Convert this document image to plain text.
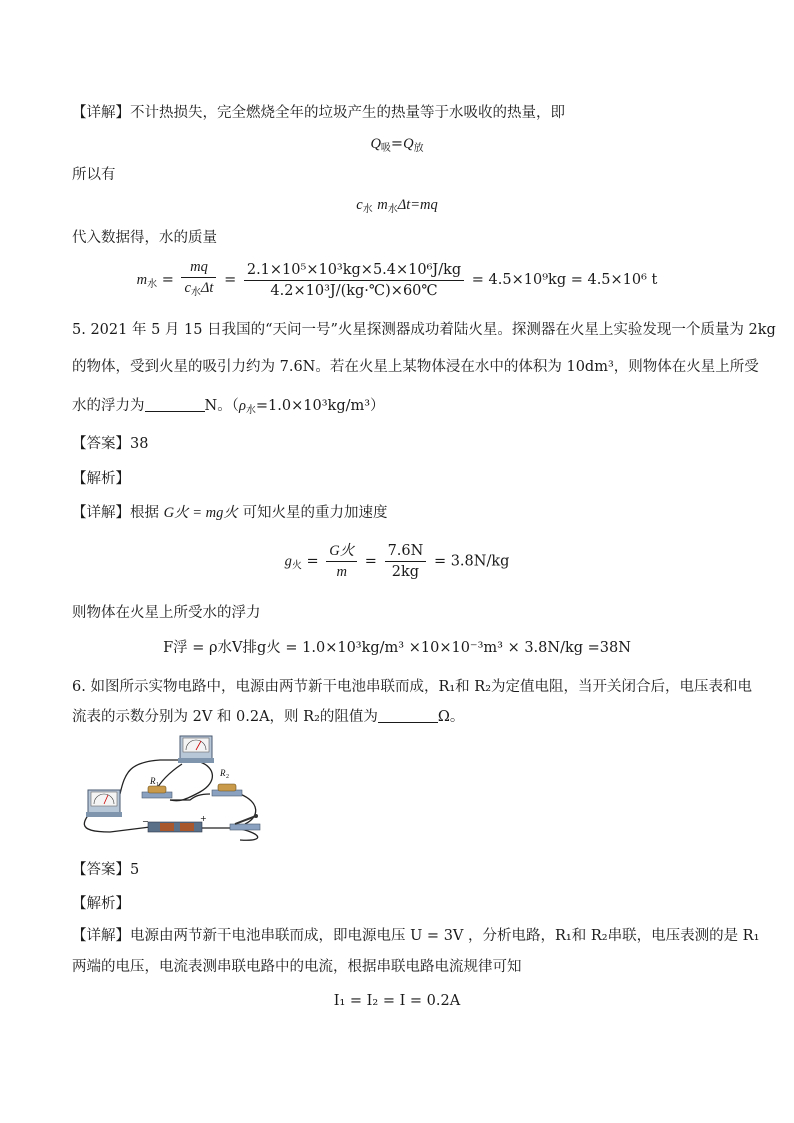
【详解】不计热损失，完全燃烧全年的垃圾产生的热量等于水吸收的热量，即
$Q_吸=Q_放$
所以有
$c_水$ $m_水\Delta t=mq$
代入数据得，水的质量
$m_水 = \frac{mq}{c_水\Delta t} = \frac{\text{2.1×10⁵×10³kg×5.4×10⁶J/kg}}{\text{4.2×10³J/(kg·℃)×60℃}} = 4.5\times 10^9kg = 4.5\times 10^6$ t
5. 2021 年 5 月 15 日我国的“天问一号”火星探测器成功着陆火星。探测器在火星上实验发现一个质量为 2kg
的物体，受到火星的吸引力约为 7.6N。若在火星上某物体浸在水中的体积为 10dm³，则物体在火星上所受
水的浮力为	N。$(\rho_水=1.0\times 10^3kg/m^3)$
【答案】38
【解析】
【详解】根据 G火 = mg火 可知火星的重力加速度
$g_火 = \frac{\text{G火}}{m} = \frac{7.6N}{2kg} = 3.8N/kg$
则物体在火星上所受水的浮力
F浮 = ρ水V排g火 = 1.0×10³kg/m³ ×10×10⁻³m³ × 3.8N/kg =38N
6. 如图所示实物电路中，电源由两节新干电池串联而成，R₁和 R₂为定值电阻，当开关闭合后，电压表和电
流表的示数分别为 2V 和 0.2A，则 R₂的阻值为	Ω。
R 1
R 2
−	+
【答案】5
【解析】
【详解】电源由两节新干电池串联而成，即电源电压 U = 3V ，分析电路，R₁和 R₂串联，电压表测的是 R₁
两端的电压，电流表测串联电路中的电流，根据串联电路电流规律可知
I₁ = I₂ = I = 0.2A
